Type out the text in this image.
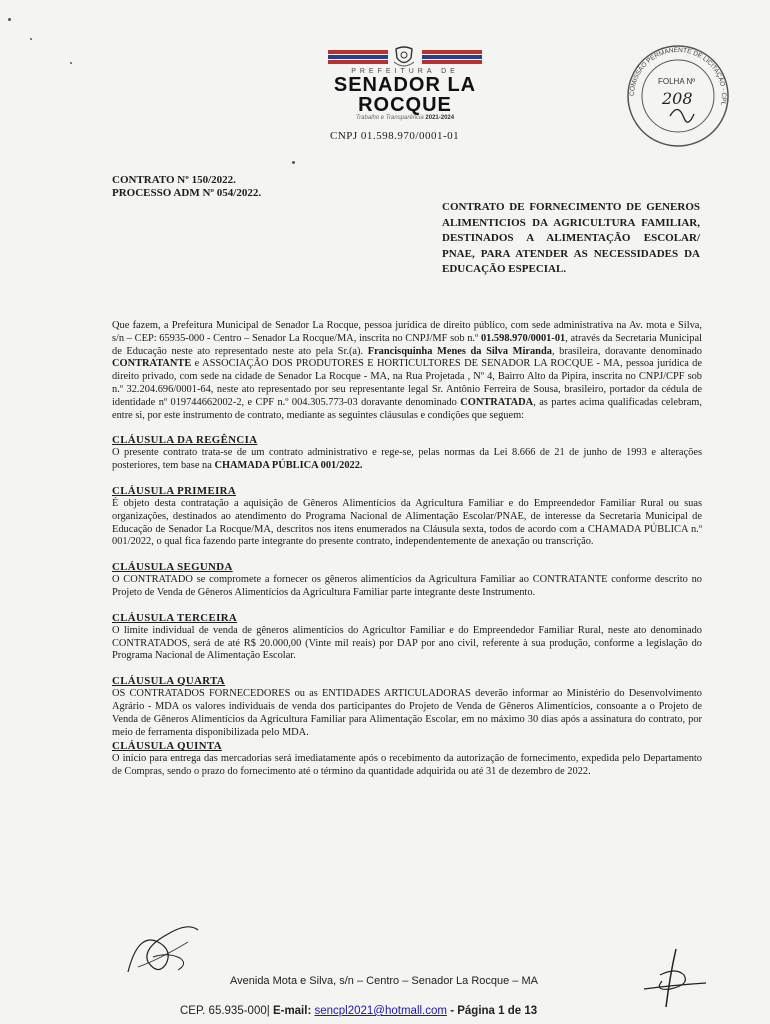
PREFEITURA DE
SENADOR LA ROCQUE
Trabalho e Transparência 2021-2024
CNPJ 01.598.970/0001-01
COMISSÃO PERMANENTE DE LICITAÇÃO - CPL
FOLHA Nº
208
CONTRATO Nº 150/2022.
PROCESSO ADM Nº 054/2022.
CONTRATO DE FORNECIMENTO DE GENEROS ALIMENTICIOS DA AGRICULTURA FAMILIAR, DESTINADOS A ALIMENTAÇÃO ESCOLAR/ PNAE, PARA ATENDER AS NECESSIDADES DA EDUCAÇÃO ESPECIAL.

Que fazem, a Prefeitura Municipal de Senador La Rocque, pessoa jurídica de direito público, com sede administrativa na Av. mota e Silva, s/n – CEP: 65935-000 - Centro – Senador La Rocque/MA, inscrita no CNPJ/MF sob n.º 01.598.970/0001-01, através da Secretaria Municipal de Educação neste ato representado neste ato pela Sr.(a). Francisquinha Menes da Silva Miranda, brasileira, doravante denominado CONTRATANTE e ASSOCIAÇÃO DOS PRODUTORES E HORTICULTORES DE SENADOR LA ROCQUE - MA, pessoa jurídica de direito privado, com sede na cidade de Senador La Rocque - MA, na Rua Projetada , Nº 4, Bairro Alto da Pipira, inscrita no CNPJ/CPF sob n.º 32.204.696/0001-64, neste ato representado por seu representante legal Sr. Antônio Ferreira de Sousa, brasileiro, portador da cédula de identidade nº 019744662002-2, e CPF n.º 004.305.773-03 doravante denominado CONTRATADA, as partes acima qualificadas celebram, entre si, por este instrumento de contrato, mediante as seguintes cláusulas e condições que seguem:

CLÁUSULA DA REGÊNCIA

O presente contrato trata-se de um contrato administrativo e rege-se, pelas normas da Lei 8.666 de 21 de junho de 1993 e alterações posteriores, tem base na CHAMADA PÚBLICA 001/2022.

CLÁUSULA PRIMEIRA

É objeto desta contratação a aquisição de Gêneros Alimentícios da Agricultura Familiar e do Empreendedor Familiar Rural ou suas organizações, destinados ao atendimento do Programa Nacional de Alimentação Escolar/PNAE, de interesse da Secretaria Municipal de Educação de Senador La Rocque/MA, descritos nos itens enumerados na Cláusula sexta, todos de acordo com a CHAMADA PÚBLICA n.º 001/2022, o qual fica fazendo parte integrante do presente contrato, independentemente de anexação ou transcrição.

CLÁUSULA SEGUNDA

O CONTRATADO se compromete a fornecer os gêneros alimentícios da Agricultura Familiar ao CONTRATANTE conforme descrito no Projeto de Venda de Gêneros Alimentícios da Agricultura Familiar parte integrante deste Instrumento.

CLÁUSULA TERCEIRA

O limite individual de venda de gêneros alimentícios do Agricultor Familiar e do Empreendedor Familiar Rural, neste ato denominado CONTRATADOS, será de até R$ 20.000,00 (Vinte mil reais) por DAP por ano civil, referente à sua produção, conforme a legislação do Programa Nacional de Alimentação Escolar.

CLÁUSULA QUARTA

OS CONTRATADOS FORNECEDORES ou as ENTIDADES ARTICULADORAS deverão informar ao Ministério do Desenvolvimento Agrário - MDA os valores individuais de venda dos participantes do Projeto de Venda de Gêneros Alimentícios, consoante a o Projeto de Venda de Gêneros Alimentícios da Agricultura Familiar para Alimentação Escolar, em no máximo 30 dias após a assinatura do contrato, por meio de ferramenta disponibilizada pelo MDA.

CLÁUSULA QUINTA

O início para entrega das mercadorias será imediatamente após o recebimento da autorização de fornecimento, expedida pelo Departamento de Compras, sendo o prazo do fornecimento até o término da quantidade adquirida ou até 31 de dezembro de 2022.

Avenida Mota e Silva, s/n – Centro – Senador La Rocque – MA
CEP. 65.935-000| E-mail: sencpl2021@hotmall.com - Página 1 de 13
